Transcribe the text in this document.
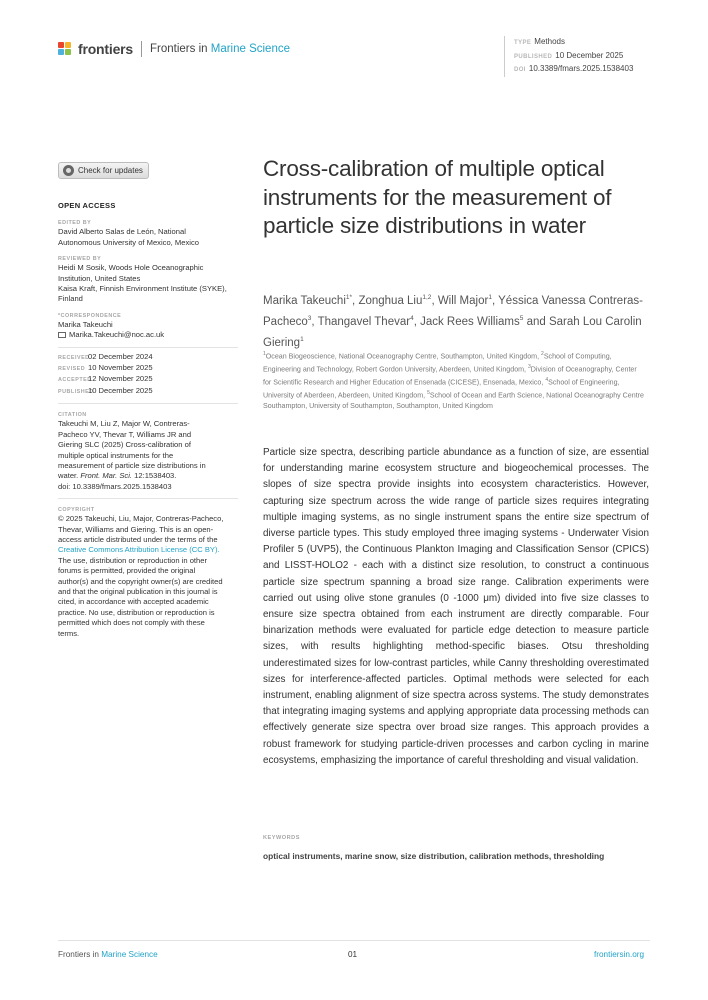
frontiers Frontiers in Marine Science	TYPE Methods
PUBLISHED 10 December 2025
DOI 10.3389/fmars.2025.1538403
Check for updates
OPEN ACCESS
EDITED BY
David Alberto Salas de León, National Autonomous University of Mexico, Mexico
REVIEWED BY
Heidi M Sosik, Woods Hole Oceanographic Institution, United States
Kaisa Kraft, Finnish Environment Institute (SYKE), Finland
*CORRESPONDENCE
Marika Takeuchi
Marika.Takeuchi@noc.ac.uk
RECEIVED02 December 2024
REVISED 10 November 2025
ACCEPTED12 November 2025
PUBLISHED10 December 2025
CITATION
Takeuchi M, Liu Z, Major W, Contreras-Pacheco YV, Thevar T, Williams JR and Giering SLC (2025) Cross-calibration of multiple optical instruments for the measurement of particle size distributions in water. Front. Mar. Sci. 12:1538403.
doi: 10.3389/fmars.2025.1538403
COPYRIGHT
© 2025 Takeuchi, Liu, Major, Contreras-Pacheco, Thevar, Williams and Giering. This is an open-access article distributed under the terms of the Creative Commons Attribution License (CC BY). The use, distribution or reproduction in other forums is permitted, provided the original author(s) and the copyright owner(s) are credited and that the original publication in this journal is cited, in accordance with accepted academic practice. No use, distribution or reproduction is permitted which does not comply with these terms.
Cross-calibration of multiple optical instruments for the measurement of particle size distributions in water
Marika Takeuchi$^{1*}$, Zonghua Liu$^{1,2}$, Will Major$^1$, Yéssica Vanessa Contreras-Pacheco$^3$, Thangavel Thevar$^4$, Jack Rees Williams$^5$ and Sarah Lou Carolin Giering$^1$
$^1$Ocean Biogeoscience, National Oceanography Centre, Southampton, United Kingdom, $^2$School of Computing, Engineering and Technology, Robert Gordon University, Aberdeen, United Kingdom, $^3$Division of Oceanography, Center for Scientific Research and Higher Education of Ensenada (CICESE), Ensenada, Mexico, $^4$School of Engineering, University of Aberdeen, Aberdeen, United Kingdom, $^5$School of Ocean and Earth Science, National Oceanography Centre Southampton, University of Southampton, Southampton, United Kingdom
Particle size spectra, describing particle abundance as a function of size, are essential for understanding marine ecosystem structure and biogeochemical processes. The slopes of size spectra provide insights into ecosystem characteristics. However, capturing size spectrum across the wide range of particle sizes requires integrating multiple imaging systems, as no single instrument spans the entire size spectrum of diverse particle types. This study employed three imaging systems - Underwater Vision Profiler 5 (UVP5), the Continuous Plankton Imaging and Classification Sensor (CPICS) and LISST-HOLO2 - each with a distinct size resolution, to construct a continuous particle size spectrum spanning a broad size range. Calibration experiments were carried out using olive stone granules (0 -1000 μm) divided into five size classes to ensure size spectra obtained from each instrument are directly comparable. Four binarization methods were evaluated for particle edge detection to measure particle sizes, with results highlighting method-specific biases. Otsu thresholding underestimated sizes for low-contrast particles, while Canny thresholding overestimated sizes for interference-affected particles. Optimal methods were selected for each instrument, enabling alignment of size spectra across systems. The study demonstrates that integrating imaging systems and applying appropriate data processing methods can effectively generate size spectra over broad size ranges. This approach provides a robust framework for studying particle-driven processes and carbon cycling in marine ecosystems, emphasizing the importance of careful thresholding and visual validation.
KEYWORDS
optical instruments, marine snow, size distribution, calibration methods, thresholding
Frontiers in Marine Science	01	frontiersin.org
